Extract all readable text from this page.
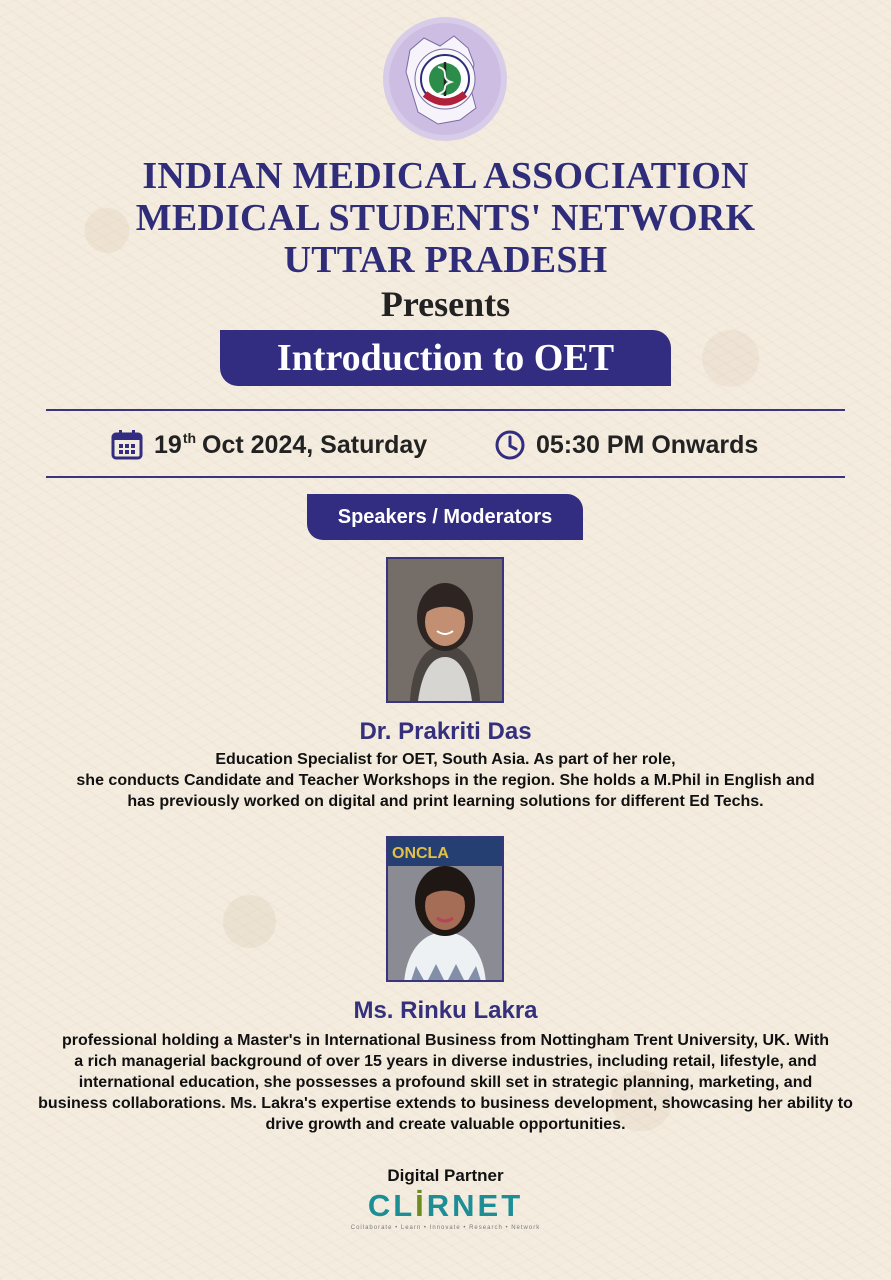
INDIAN MEDICAL ASSOCIATION
MEDICAL STUDENTS' NETWORK
UTTAR PRADESH
Presents
Introduction to OET
19th Oct 2024, Saturday	05:30 PM Onwards
Speakers / Moderators
Dr. Prakriti Das
Education Specialist for OET, South Asia. As part of her role,
she conducts Candidate and Teacher Workshops in the region. She holds a M.Phil in English and
has previously worked on digital and print learning solutions for different Ed Techs.
ONCLA
Ms. Rinku Lakra
professional holding a Master's in International Business from Nottingham Trent University, UK. With
a rich managerial background of over 15 years in diverse industries, including retail, lifestyle, and
international education, she possesses a profound skill set in strategic planning, marketing, and
business collaborations. Ms. Lakra's expertise extends to business development, showcasing her ability to
drive growth and create valuable opportunities.
Digital Partner
CLİRNET
Collaborate • Learn • Innovate • Research • Network
